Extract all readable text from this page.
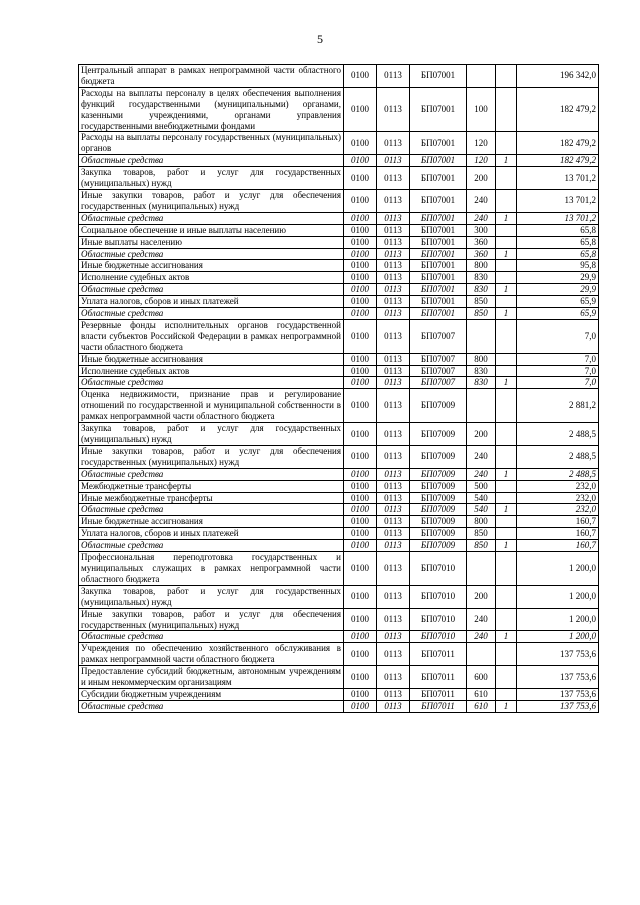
5
Центральный аппарат в рамках непрограммной части областного бюджета	0100	0113	БП07001			196 342,0
Расходы на выплаты персоналу в целях обеспечения выполнения функций государственными (муниципальными) органами, казенными учреждениями, органами управления государственными внебюджетными фондами	0100	0113	БП07001	100		182 479,2
Расходы на выплаты персоналу государственных (муниципальных) органов	0100	0113	БП07001	120		182 479,2
Областные средства	0100	0113	БП07001	120	1	182 479,2
Закупка товаров, работ и услуг для государственных (муниципальных) нужд	0100	0113	БП07001	200		13 701,2
Иные закупки товаров, работ и услуг для обеспечения государственных (муниципальных) нужд	0100	0113	БП07001	240		13 701,2
Областные средства	0100	0113	БП07001	240	1	13 701,2
Социальное обеспечение и иные выплаты населению	0100	0113	БП07001	300		65,8
Иные выплаты населению	0100	0113	БП07001	360		65,8
Областные средства	0100	0113	БП07001	360	1	65,8
Иные бюджетные ассигнования	0100	0113	БП07001	800		95,8
Исполнение судебных актов	0100	0113	БП07001	830		29,9
Областные средства	0100	0113	БП07001	830	1	29,9
Уплата налогов, сборов и иных платежей	0100	0113	БП07001	850		65,9
Областные средства	0100	0113	БП07001	850	1	65,9
Резервные фонды исполнительных органов государственной власти субъектов Российской Федерации в рамках непрограммной части областного бюджета	0100	0113	БП07007			7,0
Иные бюджетные ассигнования	0100	0113	БП07007	800		7,0
Исполнение судебных актов	0100	0113	БП07007	830		7,0
Областные средства	0100	0113	БП07007	830	1	7,0
Оценка недвижимости, признание прав и регулирование отношений по государственной и муниципальной собственности в рамках непрограммной части областного бюджета	0100	0113	БП07009			2 881,2
Закупка товаров, работ и услуг для государственных (муниципальных) нужд	0100	0113	БП07009	200		2 488,5
Иные закупки товаров, работ и услуг для обеспечения государственных (муниципальных) нужд	0100	0113	БП07009	240		2 488,5
Областные средства	0100	0113	БП07009	240	1	2 488,5
Межбюджетные трансферты	0100	0113	БП07009	500		232,0
Иные межбюджетные трансферты	0100	0113	БП07009	540		232,0
Областные средства	0100	0113	БП07009	540	1	232,0
Иные бюджетные ассигнования	0100	0113	БП07009	800		160,7
Уплата налогов, сборов и иных платежей	0100	0113	БП07009	850		160,7
Областные средства	0100	0113	БП07009	850	1	160,7
Профессиональная переподготовка государственных и муниципальных служащих в рамках непрограммной части областного бюджета	0100	0113	БП07010			1 200,0
Закупка товаров, работ и услуг для государственных (муниципальных) нужд	0100	0113	БП07010	200		1 200,0
Иные закупки товаров, работ и услуг для обеспечения государственных (муниципальных) нужд	0100	0113	БП07010	240		1 200,0
Областные средства	0100	0113	БП07010	240	1	1 200,0
Учреждения по обеспечению хозяйственного обслуживания в рамках непрограммной части областного бюджета	0100	0113	БП07011			137 753,6
Предоставление субсидий бюджетным, автономным учреждениям и иным некоммерческим организациям	0100	0113	БП07011	600		137 753,6
Субсидии бюджетным учреждениям	0100	0113	БП07011	610		137 753,6
Областные средства	0100	0113	БП07011	610	1	137 753,6
